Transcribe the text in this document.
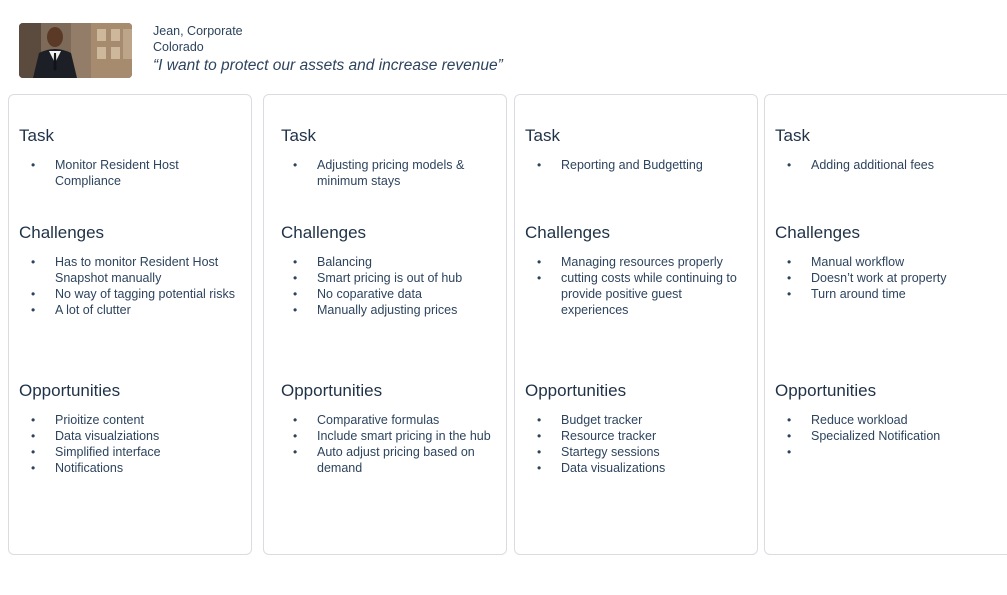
Jean, Corporate
Colorado
“I want to protect our assets and increase revenue”
Task
• Monitor Resident Host Compliance
Challenges
• Has to monitor Resident Host Snapshot manually
• No way of tagging potential risks
• A lot of clutter
Opportunities
• Prioitize content
• Data visualziations
• Simplified interface
• Notifications
Task
• Adjusting pricing models & minimum stays
Challenges
• Balancing
• Smart pricing is out of hub
• No coparative data
• Manually adjusting prices
Opportunities
• Comparative formulas
• Include smart pricing in the hub
• Auto adjust pricing based on demand
Task
• Reporting and Budgetting
Challenges
• Managing resources properly
• cutting costs while continuing to provide positive guest experiences
Opportunities
• Budget tracker
• Resource tracker
• Startegy sessions
• Data visualizations
Task
• Adding additional fees
Challenges
• Manual workflow
• Doesn’t work at property
• Turn around time
Opportunities
• Reduce workload
• Specialized Notification
•
